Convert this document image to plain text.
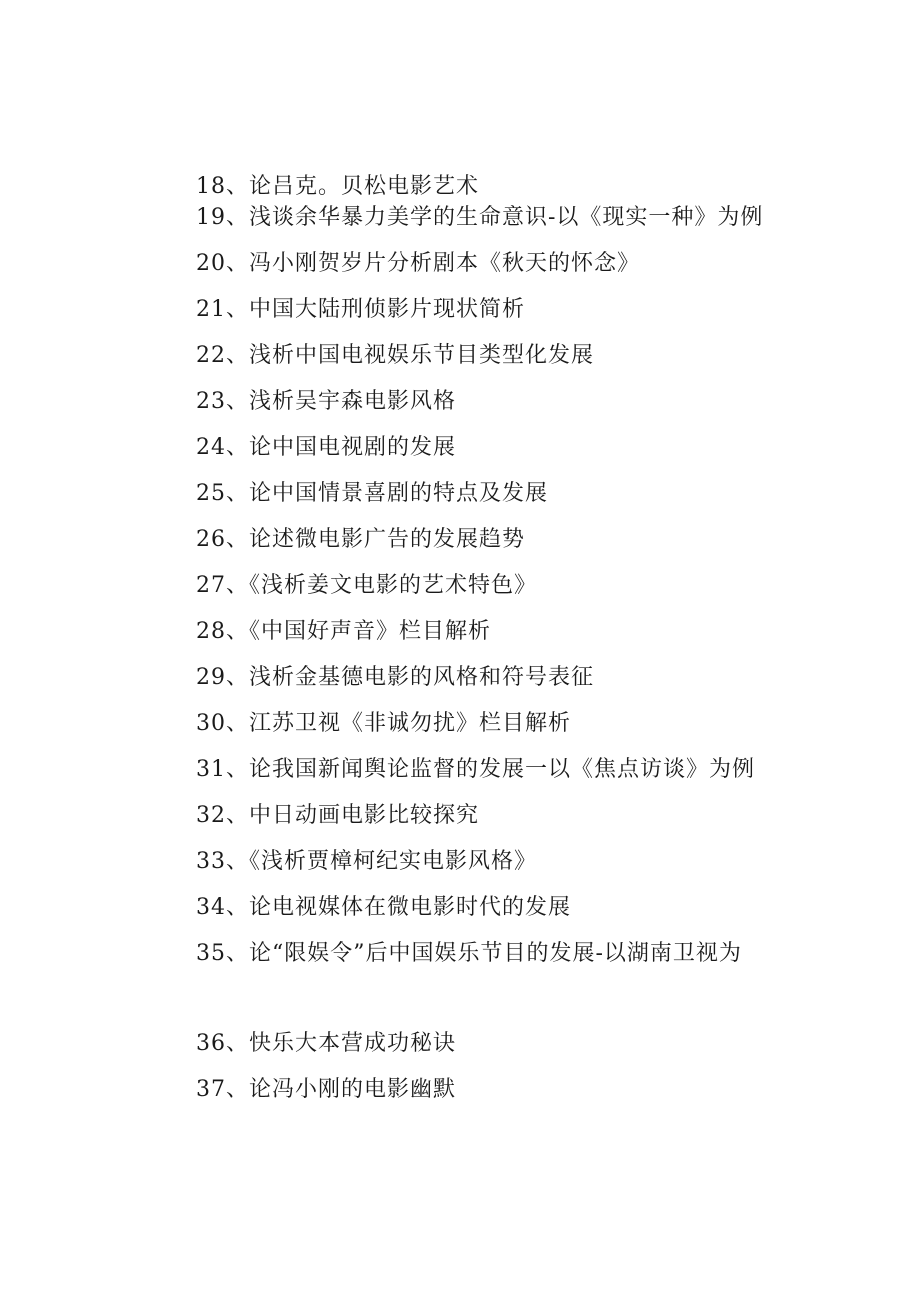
18、论吕克。贝松电影艺术
19、浅谈余华暴力美学的生命意识-以《现实一种》为例
20、冯小刚贺岁片分析剧本《秋天的怀念》
21、中国大陆刑侦影片现状简析
22、浅析中国电视娱乐节目类型化发展
23、浅析吴宇森电影风格
24、论中国电视剧的发展
25、论中国情景喜剧的特点及发展
26、论述微电影广告的发展趋势
27、《浅析姜文电影的艺术特色》
28、《中国好声音》栏目解析
29、浅析金基德电影的风格和符号表征
30、江苏卫视《非诚勿扰》栏目解析
31、论我国新闻舆论监督的发展一以《焦点访谈》为例
32、中日动画电影比较探究
33、《浅析贾樟柯纪实电影风格》
34、论电视媒体在微电影时代的发展
35、论“限娱令”后中国娱乐节目的发展-以湖南卫视为
36、快乐大本营成功秘诀
37、论冯小刚的电影幽默
